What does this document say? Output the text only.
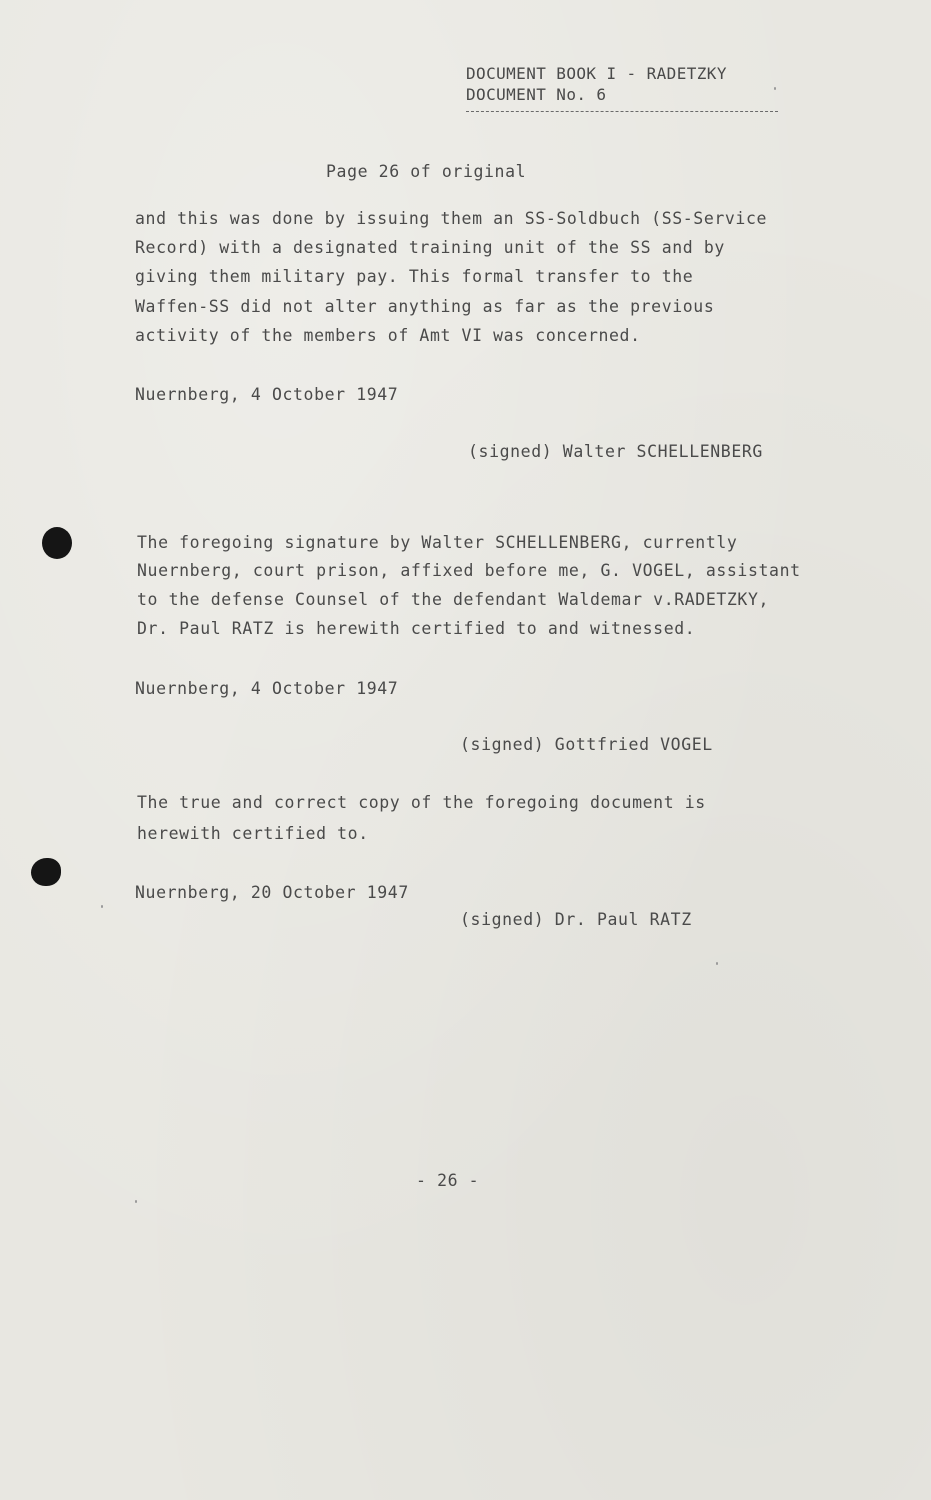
DOCUMENT BOOK I - RADETZKY
DOCUMENT No. 6
Page 26 of original
and this was done by issuing them an SS-Soldbuch (SS-Service
Record) with a designated training unit of the SS and by
giving them military pay. This formal transfer to the
Waffen-SS did not alter anything as far as the previous
activity of the members of Amt VI was concerned.
Nuernberg, 4 October 1947
(signed) Walter SCHELLENBERG
The foregoing signature by Walter SCHELLENBERG, currently
Nuernberg, court prison, affixed before me, G. VOGEL, assistant
to the defense Counsel of the defendant Waldemar v.RADETZKY,
Dr. Paul RATZ is herewith certified to and witnessed.
Nuernberg, 4 October 1947
(signed) Gottfried VOGEL
The true and correct copy of the foregoing document is
herewith certified to.
Nuernberg, 20 October 1947
(signed) Dr. Paul RATZ
- 26 -
